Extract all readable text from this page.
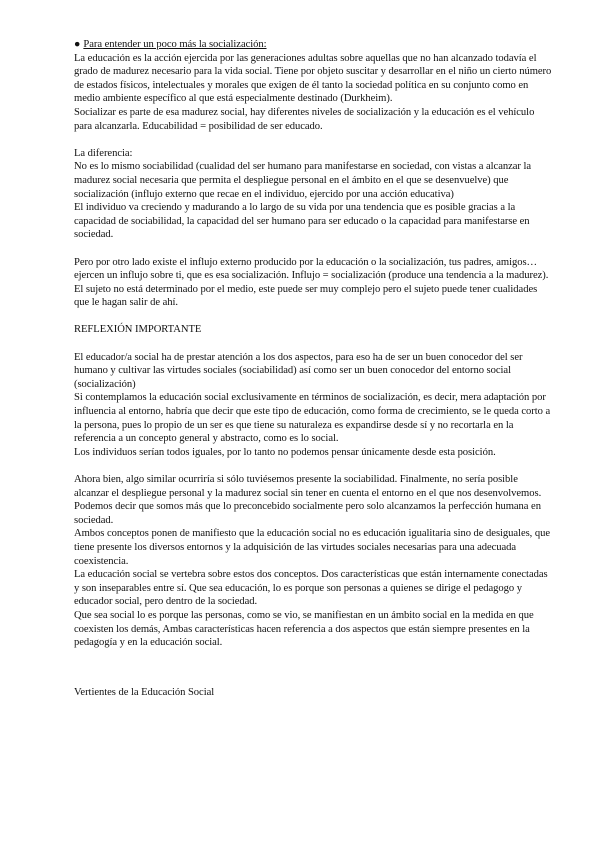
● Para entender un poco más la socialización:

La educación es la acción ejercida por las generaciones adultas sobre aquellas que no han alcanzado todavía el grado de madurez necesario para la vida social. Tiene por objeto suscitar y desarrollar en el niño un cierto número de estados físicos, intelectuales y morales que exigen de él tanto la sociedad política en su conjunto como en medio ambiente específico al que está especialmente destinado (Durkheim).

Socializar es parte de esa madurez social, hay diferentes niveles de socialización y la educación es el vehículo para alcanzarla. Educabilidad = posibilidad de ser educado.

La diferencia:

No es lo mismo sociabilidad (cualidad del ser humano para manifestarse en sociedad, con vistas a alcanzar la madurez social necesaria que permita el despliegue personal en el ámbito en el que se desenvuelve) que socialización (influjo externo que recae en el individuo, ejercido por una acción educativa)

El individuo va creciendo y madurando a lo largo de su vida por una tendencia que es posible gracias a la capacidad de sociabilidad, la capacidad del ser humano para ser educado o la capacidad para manifestarse en sociedad.

Pero por otro lado existe el influjo externo producido por la educación o la socialización, tus padres, amigos… ejercen un influjo sobre ti, que es esa socialización. Influjo = socialización (produce una tendencia a la madurez).

El sujeto no está determinado por el medio, este puede ser muy complejo pero el sujeto puede tener cualidades que le hagan salir de ahí.

REFLEXIÓN IMPORTANTE

El educador/a social ha de prestar atención a los dos aspectos, para eso ha de ser un buen conocedor del ser humano y cultivar las virtudes sociales (sociabilidad) así como ser un buen conocedor del entorno social (socialización)

Si contemplamos la educación social exclusivamente en términos de socialización, es decir, mera adaptación por influencia al entorno, habría que decir que este tipo de educación, como forma de crecimiento, se le queda corto a la persona, pues lo propio de un ser es que tiene su naturaleza es expandirse desde sí y no recortarla en la referencia a un concepto general y abstracto, como es lo social.

Los individuos serían todos iguales, por lo tanto no podemos pensar únicamente desde esta posición.

Ahora bien, algo similar ocurriría si sólo tuviésemos presente la sociabilidad. Finalmente, no sería posible alcanzar el despliegue personal y la madurez social sin tener en cuenta el entorno en el que nos desenvolvemos.

Podemos decir que somos más que lo preconcebido socialmente pero solo alcanzamos la perfección humana en sociedad.

Ambos conceptos ponen de manifiesto que la educación social no es educación igualitaria sino de desiguales, que tiene presente los diversos entornos y la adquisición de las virtudes sociales necesarias para una adecuada coexistencia.

La educación social se vertebra sobre estos dos conceptos. Dos características que están internamente conectadas y son inseparables entre sí. Que sea educación, lo es porque son personas a quienes se dirige el pedagogo y educador social, pero dentro de la sociedad.

Que sea social lo es porque las personas, como se vio, se manifiestan en un ámbito social en la medida en que coexisten los demás, Ambas características hacen referencia a dos aspectos que están siempre presentes en la pedagogía y en la educación social.

Vertientes de la Educación Social
